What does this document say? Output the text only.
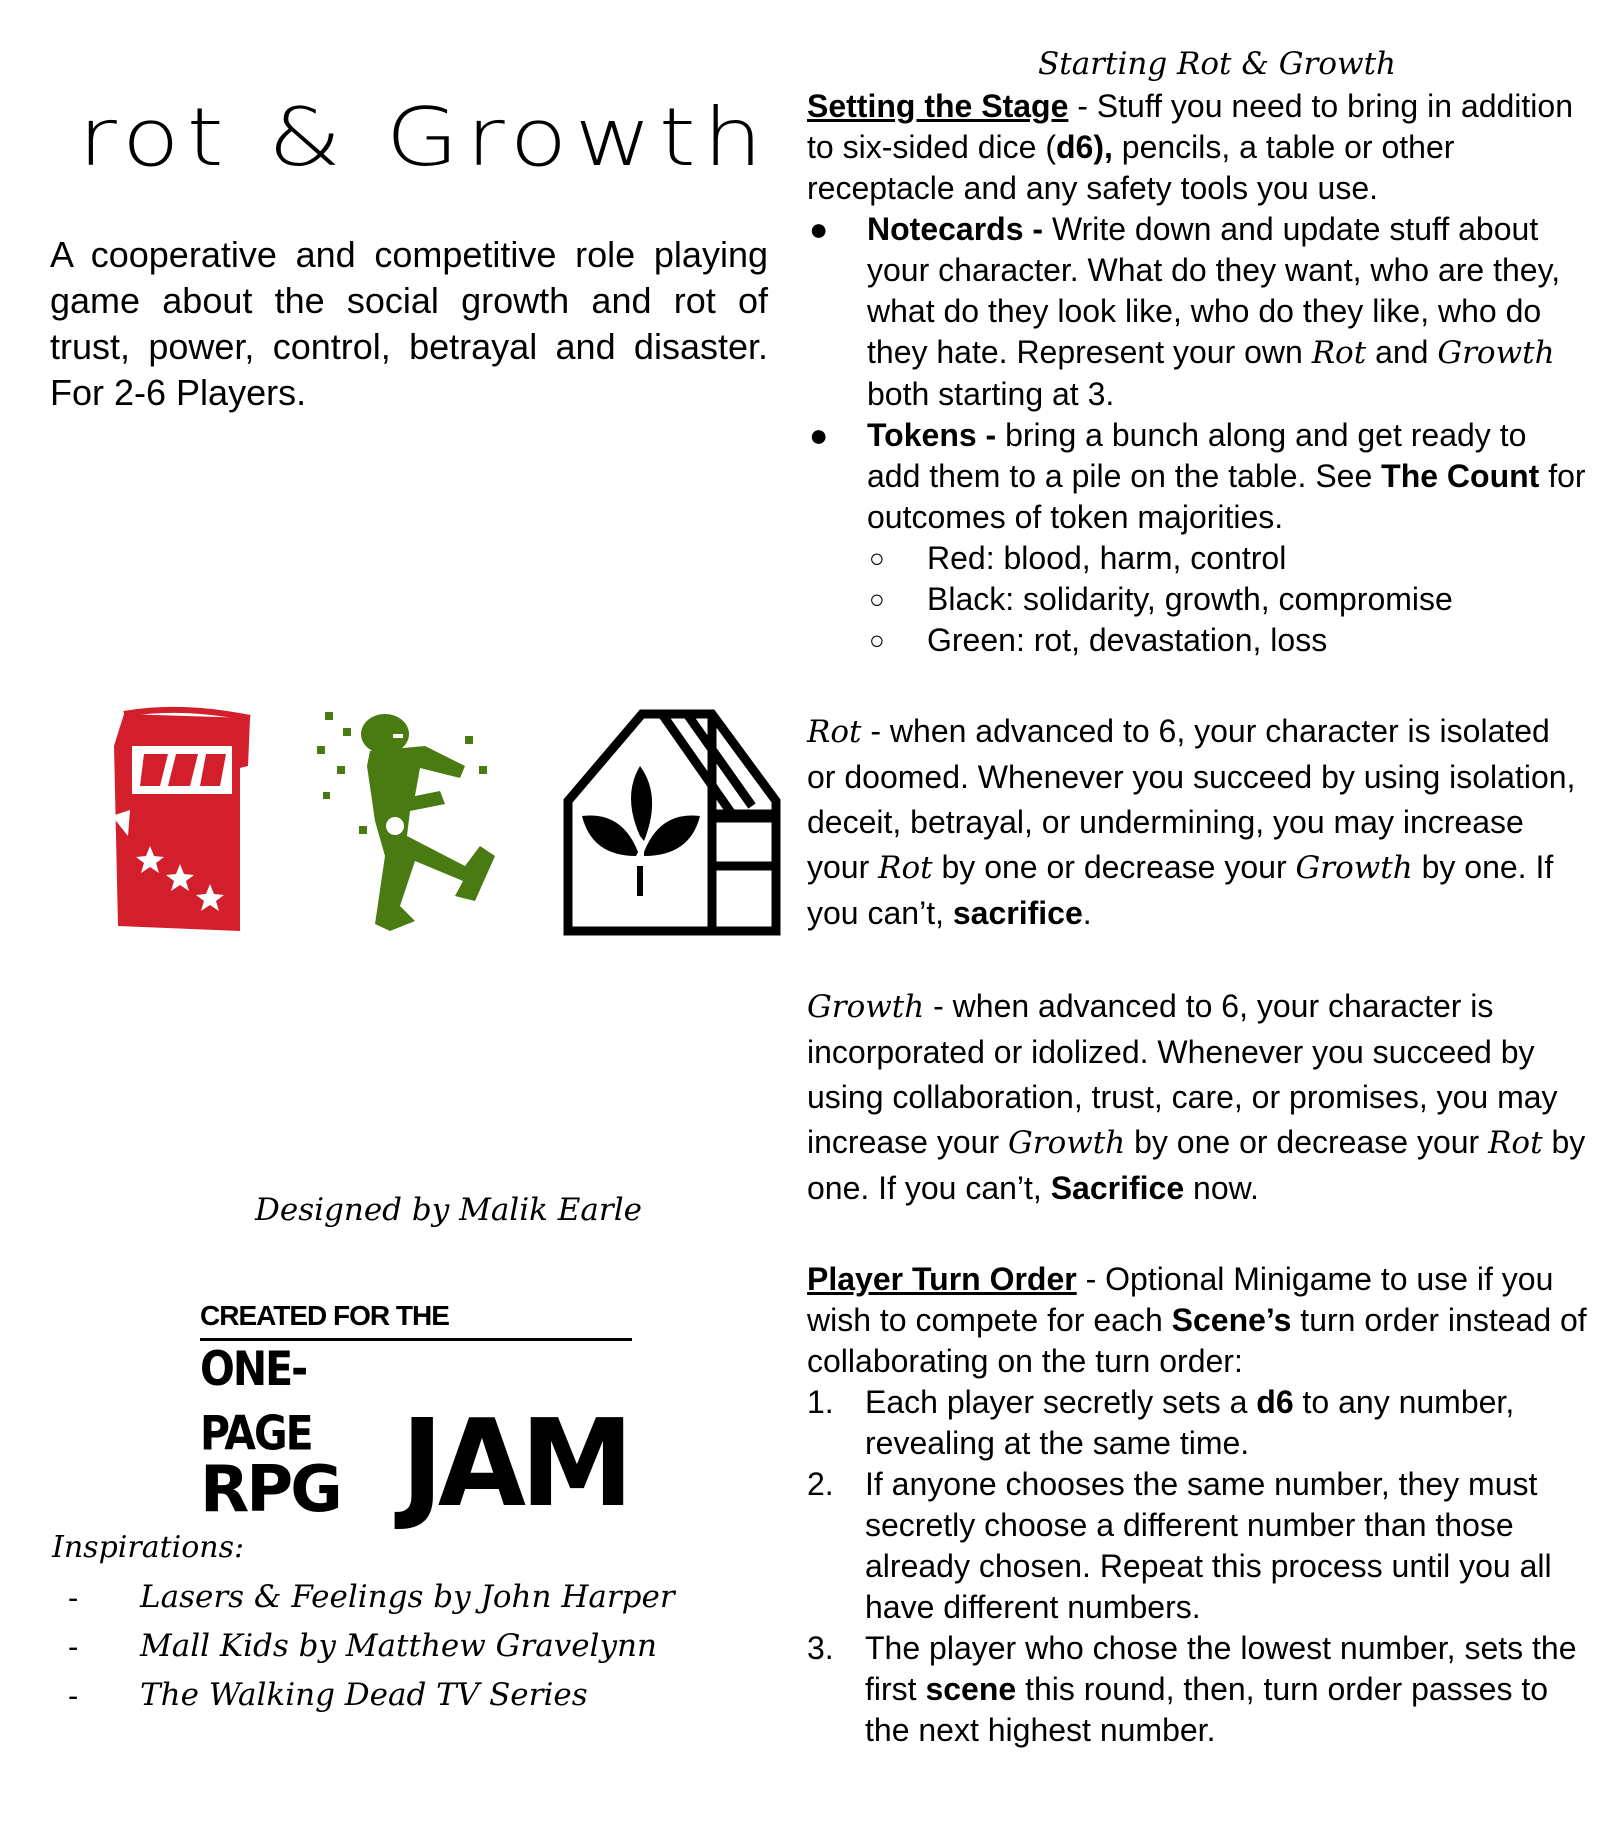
rot & Growth
A cooperative and competitive role playing game about the social growth and rot of trust, power, control, betrayal and disaster. For 2-6 Players.
Designed by Malik Earle
CREATED FOR THE
ONE-PAGE
RPG JAM
Inspirations:
-	Lasers & Feelings by John Harper
-	Mall Kids by Matthew Gravelynn
-	The Walking Dead TV Series
Starting Rot & Growth
Setting the Stage - Stuff you need to bring in addition to six-sided dice (d6), pencils, a table or other receptacle and any safety tools you use.
●	Notecards - Write down and update stuff about your character. What do they want, who are they, what do they look like, who do they like, who do they hate. Represent your own Rot and Growth both starting at 3.
●	Tokens - bring a bunch along and get ready to add them to a pile on the table. See The Count for outcomes of token majorities.
○	Red: blood, harm, control
○	Black: solidarity, growth, compromise
○	Green: rot, devastation, loss
Rot - when advanced to 6, your character is isolated or doomed. Whenever you succeed by using isolation, deceit, betrayal, or undermining, you may increase your Rot by one or decrease your Growth by one. If you can’t, sacrifice.
Growth - when advanced to 6, your character is incorporated or idolized. Whenever you succeed by using collaboration, trust, care, or promises, you may increase your Growth by one or decrease your Rot by one. If you can’t, Sacrifice now.
Player Turn Order - Optional Minigame to use if you wish to compete for each Scene’s turn order instead of collaborating on the turn order:
1. Each player secretly sets a d6 to any number, revealing at the same time.
2. If anyone chooses the same number, they must secretly choose a different number than those already chosen. Repeat this process until you all have different numbers.
3. The player who chose the lowest number, sets the first scene this round, then, turn order passes to the next highest number.
